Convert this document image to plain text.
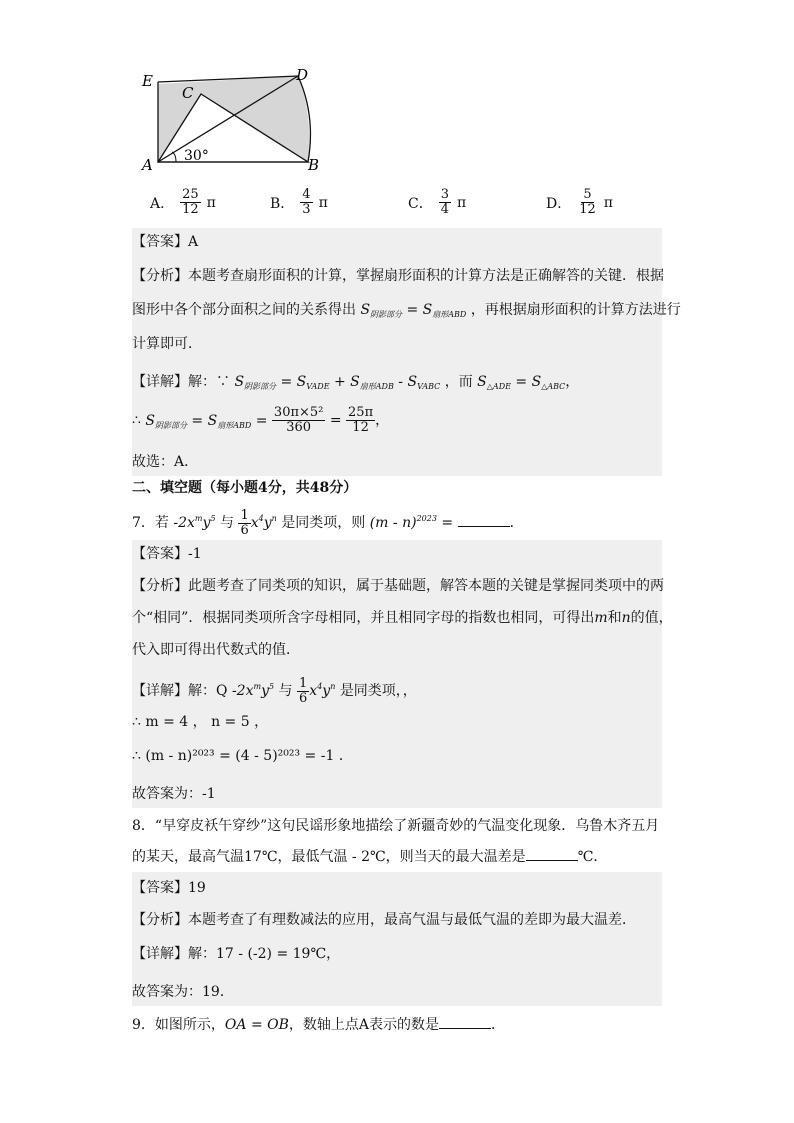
E
C
D
A	B
30°
A． $\frac{25}{12}$ π	B． $\frac{4}{3}$ π	C． $\frac{3}{4}$ π	D． $\frac{5}{12}$ π
【答案】A
【分析】本题考查扇形面积的计算，掌握扇形面积的计算方法是正确解答的关键．根据
图形中各个部分面积之间的关系得出 $S_{阴影部分} = S_{扇形ABD}$ ，再根据扇形面积的计算方法进行
计算即可．
【详解】解：∵ $S_{阴影部分} = S_{VADE} + S_{扇形ADB} - S_{VABC}$ ，而 $S_{\triangle ADE} = S_{\triangle ABC}$，
∴ $S_{阴影部分} = S_{扇形ABD} = \frac{\text{30π×5²}}{360} = \frac{25\pi}{12}$ ，
故选：A．
二、填空题（每小题4分，共48分）
7．若 $-2x^my^5$ 与 $\frac{1}{6} x^4y^n$ 是同类项，则 (m - n)$^{2023}$ =	．
【答案】-1
【分析】此题考查了同类项的知识，属于基础题，解答本题的关键是掌握同类项中的两
个“相同”．根据同类项所含字母相同，并且相同字母的指数也相同，可得出m和n的值，
代入即可得出代数式的值．
【详解】解：Q $-2x^my^5$ 与 $\frac{1}{6} x^4y^n$ 是同类项，，
∴ m = 4 ， n = 5 ，
∴ (m - n)²⁰²³ = (4 - 5)²⁰²³ = -1 ．
故答案为：-1
8．“早穿皮袄午穿纱”这句民谣形象地描绘了新疆奇妙的气温变化现象．乌鲁木齐五月
的某天，最高气温17℃，最低气温 - 2℃，则当天的最大温差是	℃．
【答案】19
【分析】本题考查了有理数减法的应用，最高气温与最低气温的差即为最大温差．
【详解】解：17 - (-2) = 19℃，
故答案为：19．
9．如图所示，OA = OB，数轴上点A表示的数是	．
